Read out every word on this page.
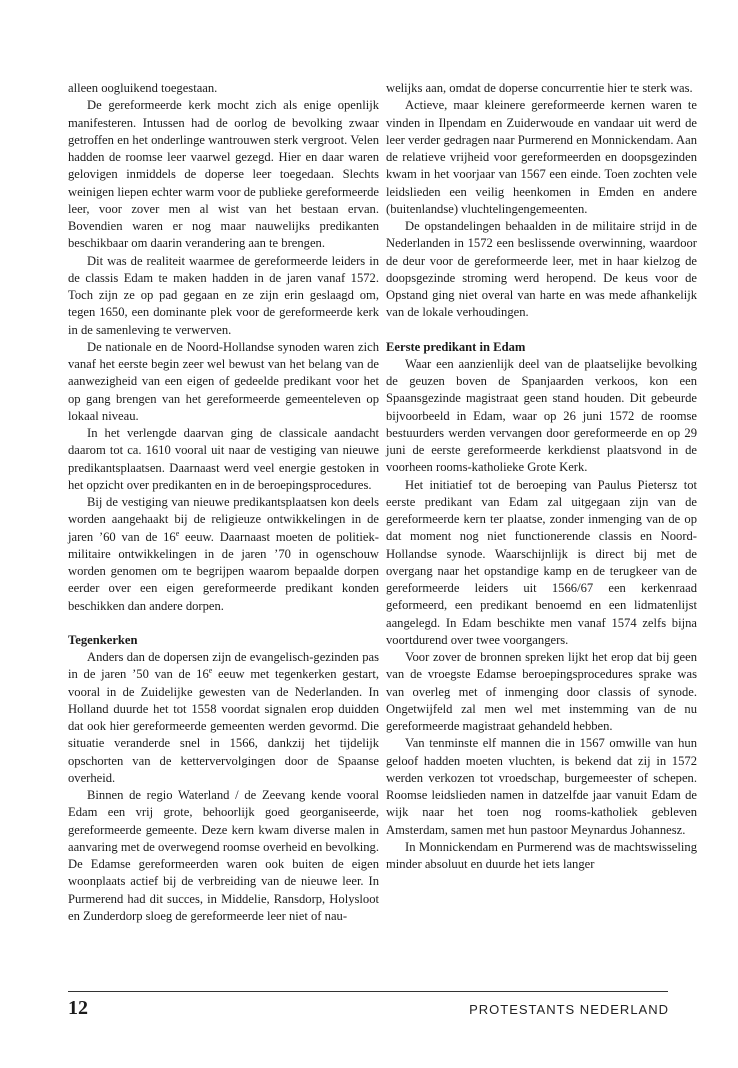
alleen oogluikend toegestaan.

De gereformeerde kerk mocht zich als enige openlijk manifesteren. Intussen had de oorlog de bevolking zwaar getroffen en het onderlinge wantrouwen sterk vergroot. Velen hadden de roomse leer vaarwel gezegd. Hier en daar waren gelovigen inmiddels de doperse leer toegedaan. Slechts weinigen liepen echter warm voor de publieke gereformeerde leer, voor zover men al wist van het bestaan ervan. Bovendien waren er nog maar nauwelijks predikanten beschikbaar om daarin verandering aan te brengen.

Dit was de realiteit waarmee de gereformeerde leiders in de classis Edam te maken hadden in de jaren vanaf 1572. Toch zijn ze op pad gegaan en ze zijn erin geslaagd om, tegen 1650, een dominante plek voor de gereformeerde kerk in de samenleving te verwerven.

De nationale en de Noord-Hollandse synoden waren zich vanaf het eerste begin zeer wel bewust van het belang van de aanwezigheid van een eigen of gedeelde predikant voor het op gang brengen van het gereformeerde gemeenteleven op lokaal niveau.

In het verlengde daarvan ging de classicale aandacht daarom tot ca. 1610 vooral uit naar de vestiging van nieuwe predikantsplaatsen. Daarnaast werd veel energie gestoken in het opzicht over predikanten en in de beroepingsprocedures.

Bij de vestiging van nieuwe predikantsplaatsen kon deels worden aangehaakt bij de religieuze ontwikkelingen in de jaren ’60 van de 16e eeuw. Daarnaast moeten de politiek-militaire ontwikkelingen in de jaren ’70 in ogenschouw worden genomen om te begrijpen waarom bepaalde dorpen eerder over een eigen gereformeerde predikant konden beschikken dan andere dorpen.

Tegenkerken

Anders dan de dopersen zijn de evangelisch-gezinden pas in de jaren ’50 van de 16e eeuw met tegenkerken gestart, vooral in de Zuidelijke gewesten van de Nederlanden. In Holland duurde het tot 1558 voordat signalen erop duidden dat ook hier gereformeerde gemeenten werden gevormd. Die situatie veranderde snel in 1566, dankzij het tijdelijk opschorten van de kettervervolgingen door de Spaanse overheid.

Binnen de regio Waterland / de Zeevang kende vooral Edam een vrij grote, behoorlijk goed georganiseerde, gereformeerde gemeente. Deze kern kwam diverse malen in aanvaring met de overwegend roomse overheid en bevolking. De Edamse gereformeerden waren ook buiten de eigen woonplaats actief bij de verbreiding van de nieuwe leer. In Purmerend had dit succes, in Middelie, Ransdorp, Holysloot en Zunderdorp sloeg de gereformeerde leer niet of nau-

welijks aan, omdat de doperse concurrentie hier te sterk was.

Actieve, maar kleinere gereformeerde kernen waren te vinden in Ilpendam en Zuiderwoude en vandaar uit werd de leer verder gedragen naar Purmerend en Monnickendam. Aan de relatieve vrijheid voor gereformeerden en doopsgezinden kwam in het voorjaar van 1567 een einde. Toen zochten vele leidslieden een veilig heenkomen in Emden en andere (buitenlandse) vluchtelingengemeenten.

De opstandelingen behaalden in de militaire strijd in de Nederlanden in 1572 een beslissende overwinning, waardoor de deur voor de gereformeerde leer, met in haar kielzog de doopsgezinde stroming werd heropend. De keus voor de Opstand ging niet overal van harte en was mede afhankelijk van de lokale verhoudingen.

Eerste predikant in Edam

Waar een aanzienlijk deel van de plaatselijke bevolking de geuzen boven de Spanjaarden verkoos, kon een Spaansgezinde magistraat geen stand houden. Dit gebeurde bijvoorbeeld in Edam, waar op 26 juni 1572 de roomse bestuurders werden vervangen door gereformeerde en op 29 juni de eerste gereformeerde kerkdienst plaatsvond in de voorheen rooms-katholieke Grote Kerk.

Het initiatief tot de beroeping van Paulus Pietersz tot eerste predikant van Edam zal uitgegaan zijn van de gereformeerde kern ter plaatse, zonder inmenging van de op dat moment nog niet functionerende classis en Noord-Hollandse synode. Waarschijnlijk is direct bij met de overgang naar het opstandige kamp en de terugkeer van de gereformeerde leiders uit 1566/67 een kerkenraad geformeerd, een predikant benoemd en een lidmatenlijst aangelegd. In Edam beschikte men vanaf 1574 zelfs bijna voortdurend over twee voorgangers.

Voor zover de bronnen spreken lijkt het erop dat bij geen van de vroegste Edamse beroepingsprocedures sprake was van overleg met of inmenging door classis of synode. Ongetwijfeld zal men wel met instemming van de nu gereformeerde magistraat gehandeld hebben.

Van tenminste elf mannen die in 1567 omwille van hun geloof hadden moeten vluchten, is bekend dat zij in 1572 werden verkozen tot vroedschap, burgemeester of schepen. Roomse leidslieden namen in datzelfde jaar vanuit Edam de wijk naar het toen nog rooms-katholiek gebleven Amsterdam, samen met hun pastoor Meynardus Johannesz.

In Monnickendam en Purmerend was de machtswisseling minder absoluut en duurde het iets langer

12	PROTESTANTS NEDERLAND
